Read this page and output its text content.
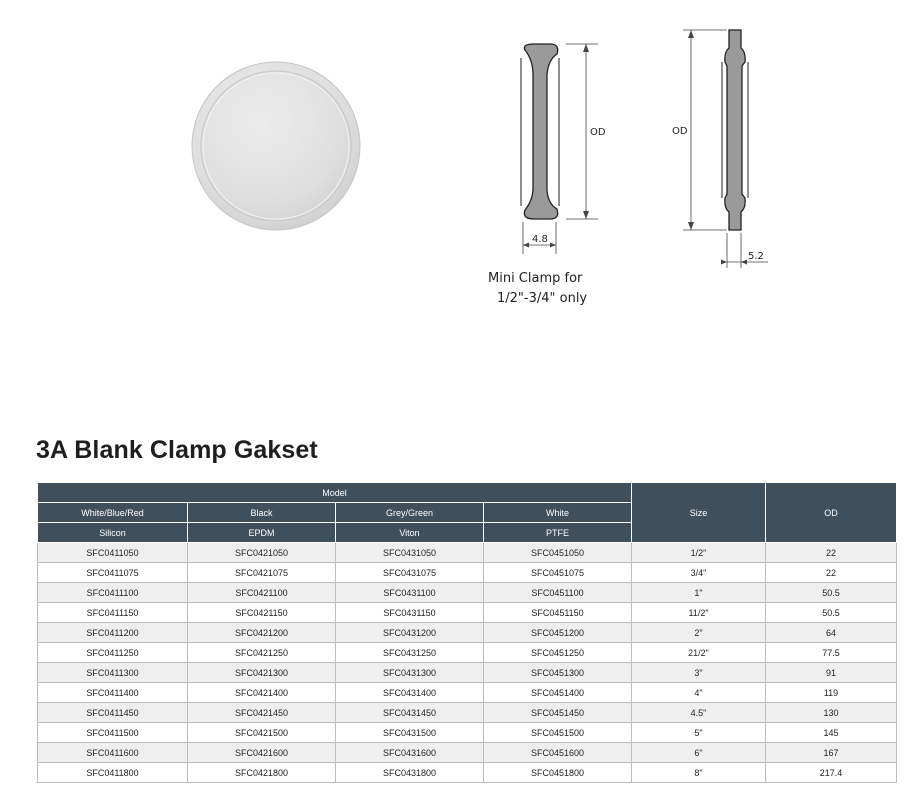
OD
4.8
Mini Clamp for
1/2"-3/4" only
OD
5.2
3A Blank Clamp Gakset
Model				Size	OD
White/Blue/Red	Black	Grey/Green	White		
Silicon	EPDM	Viton	PTFE		
SFC0411050	SFC0421050	SFC0431050	SFC0451050	1/2"	22
SFC0411075	SFC0421075	SFC0431075	SFC0451075	3/4"	22
SFC0411100	SFC0421100	SFC0431100	SFC0451100	1"	50.5
SFC0411150	SFC0421150	SFC0431150	SFC0451150	11/2"	50.5
SFC0411200	SFC0421200	SFC0431200	SFC0451200	2"	64
SFC0411250	SFC0421250	SFC0431250	SFC0451250	21/2"	77.5
SFC0411300	SFC0421300	SFC0431300	SFC0451300	3"	91
SFC0411400	SFC0421400	SFC0431400	SFC0451400	4"	119
SFC0411450	SFC0421450	SFC0431450	SFC0451450	4.5"	130
SFC0411500	SFC0421500	SFC0431500	SFC0451500	5"	145
SFC0411600	SFC0421600	SFC0431600	SFC0451600	6"	167
SFC0411800	SFC0421800	SFC0431800	SFC0451800	8"	217.4
